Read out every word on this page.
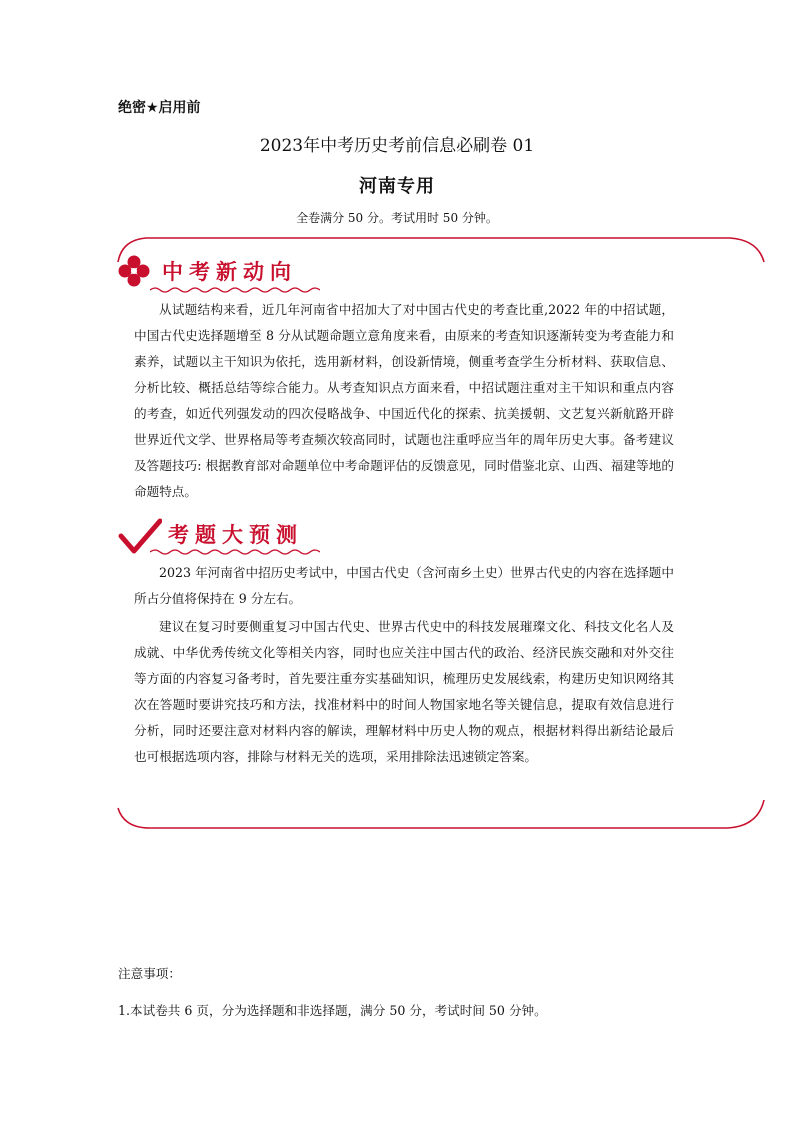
绝密★启用前
2023年中考历史考前信息必刷卷 01
河南专用
全卷满分 50 分。考试用时 50 分钟。
中考新动向

从试题结构来看，近几年河南省中招加大了对中国古代史的考查比重,2022 年的中招试题，中国古代史选择题增至 8 分从试题命题立意角度来看，由原来的考查知识逐渐转变为考查能力和素养，试题以主干知识为依托，选用新材料，创设新情境，侧重考查学生分析材料、获取信息、分析比较、概括总结等综合能力。从考查知识点方面来看，中招试题注重对主干知识和重点内容的考查，如近代列强发动的四次侵略战争、中国近代化的探索、抗美援朝、文艺复兴新航路开辟世界近代文学、世界格局等考查频次较高同时，试题也注重呼应当年的周年历史大事。备考建议及答题技巧: 根据教育部对命题单位中考命题评估的反馈意见，同时借鉴北京、山西、福建等地的命题特点。

考题大预测

2023 年河南省中招历史考试中，中国古代史（含河南乡土史）世界古代史的内容在选择题中所占分值将保持在 9 分左右。

建议在复习时要侧重复习中国古代史、世界古代史中的科技发展璀璨文化、科技文化名人及成就、中华优秀传统文化等相关内容，同时也应关注中国古代的政治、经济民族交融和对外交往等方面的内容复习备考时，首先要注重夯实基础知识，梳理历史发展线索，构建历史知识网络其次在答题时要讲究技巧和方法，找准材料中的时间人物国家地名等关键信息，提取有效信息进行分析，同时还要注意对材料内容的解读，理解材料中历史人物的观点，根据材料得出新结论最后也可根据选项内容，排除与材料无关的选项，采用排除法迅速锁定答案。

注意事项：
1.本试卷共 6 页，分为选择题和非选择题，满分 50 分，考试时间 50 分钟。
